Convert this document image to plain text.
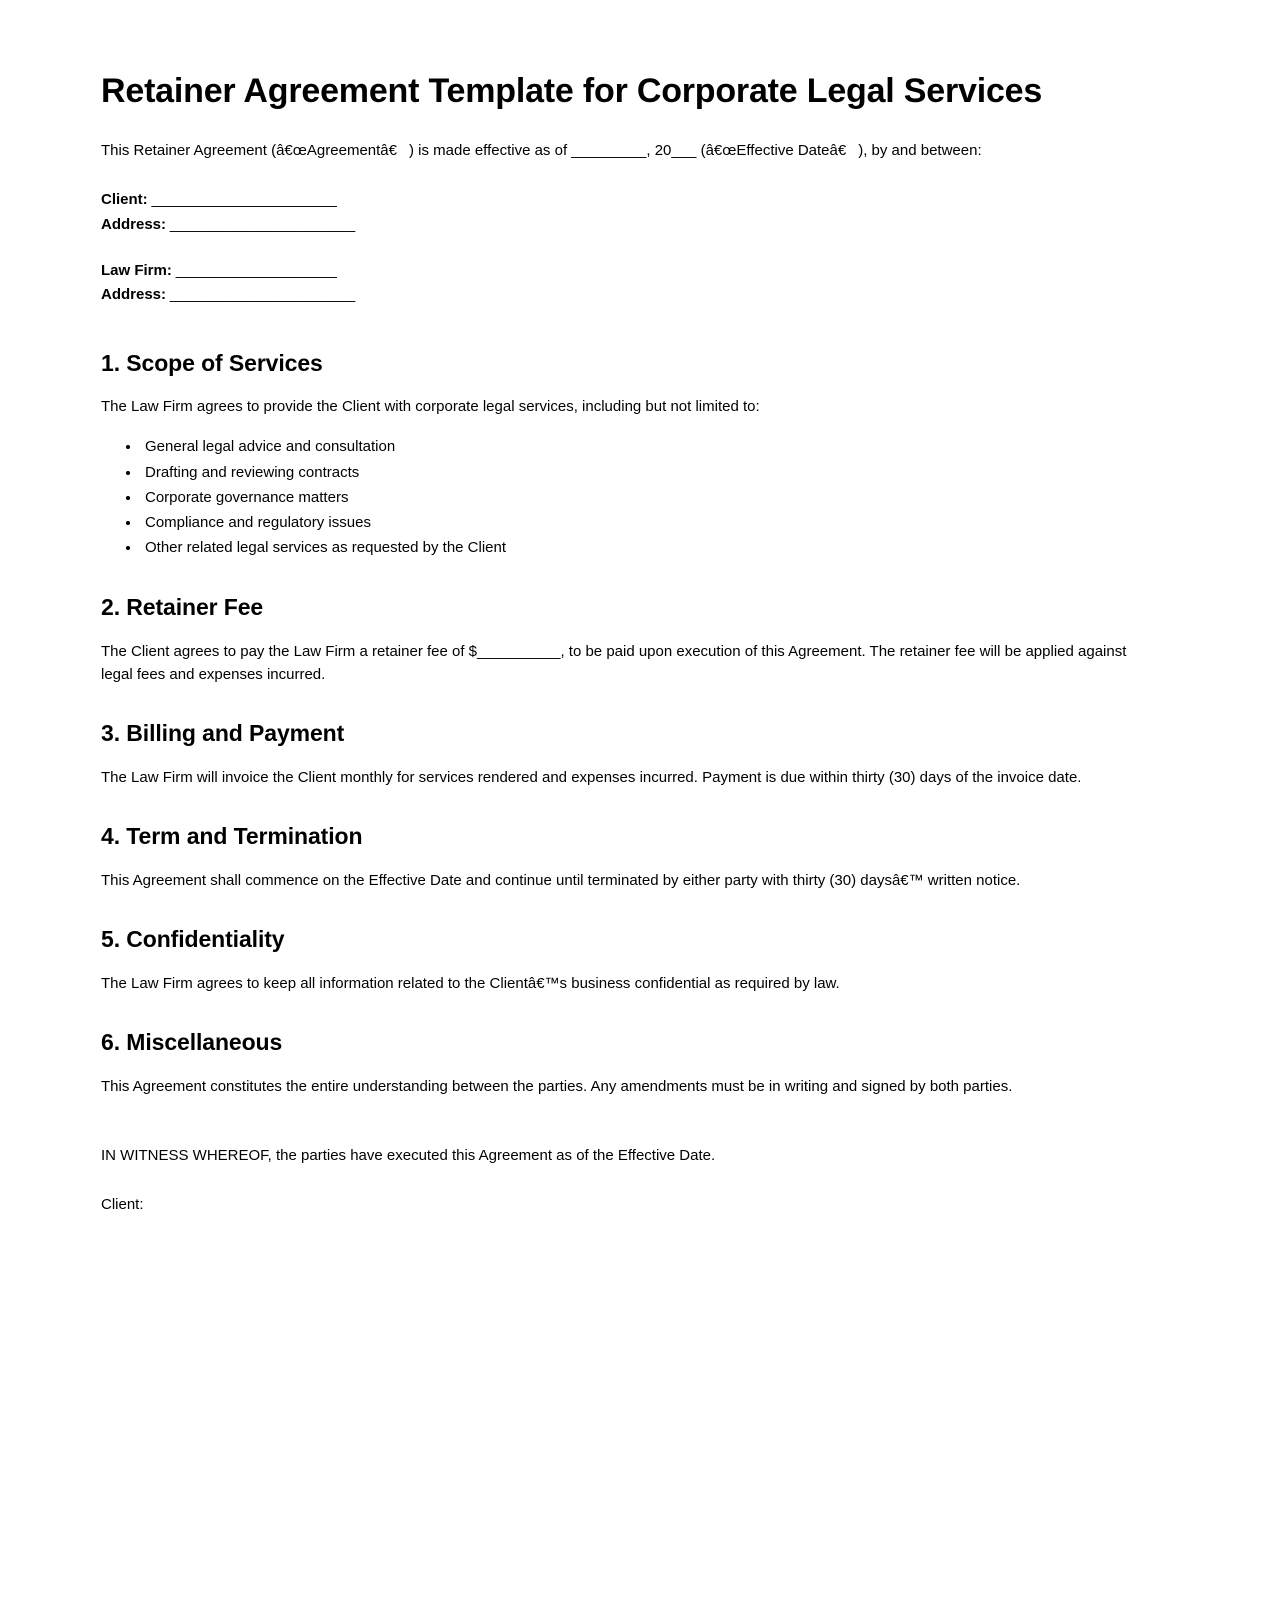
Retainer Agreement Template for Corporate Legal Services

This Retainer Agreement (â€œAgreementâ€) is made effective as of _________, 20___ (â€œEffective Dateâ€), by and between:

Client: _______________________

Address: _______________________

Law Firm: ____________________

Address: _______________________

1. Scope of Services

The Law Firm agrees to provide the Client with corporate legal services, including but not limited to:

• General legal advice and consultation
• Drafting and reviewing contracts
• Corporate governance matters
• Compliance and regulatory issues
• Other related legal services as requested by the Client
2. Retainer Fee

The Client agrees to pay the Law Firm a retainer fee of $__________, to be paid upon execution of this Agreement. The retainer fee will be applied against legal fees and expenses incurred.

3. Billing and Payment

The Law Firm will invoice the Client monthly for services rendered and expenses incurred. Payment is due within thirty (30) days of the invoice date.

4. Term and Termination

This Agreement shall commence on the Effective Date and continue until terminated by either party with thirty (30) daysâ€™ written notice.

5. Confidentiality

The Law Firm agrees to keep all information related to the Clientâ€™s business confidential as required by law.

6. Miscellaneous

This Agreement constitutes the entire understanding between the parties. Any amendments must be in writing and signed by both parties.

IN WITNESS WHEREOF, the parties have executed this Agreement as of the Effective Date.

Client:
